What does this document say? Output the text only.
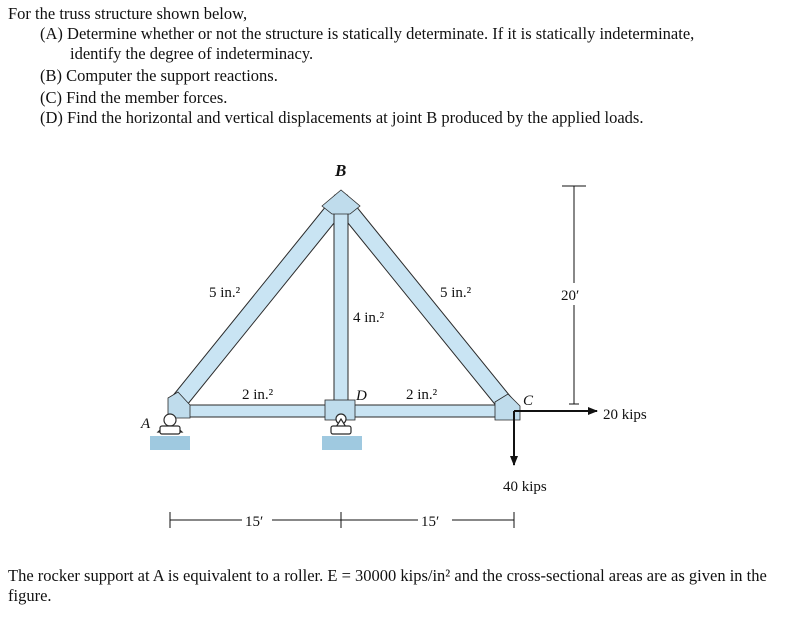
For the truss structure shown below,
(A) Determine whether or not the structure is statically determinate. If it is statically indeterminate,
identify the degree of indeterminacy.
(B) Computer the support reactions.
(C) Find the member forces.
(D) Find the horizontal and vertical displacements at joint B produced by the applied loads.
B
A
D	C
5 in.²	5 in.²
4 in.²
2 in.²	2 in.²
20 kips
40 kips
20′
15′	15′
The rocker support at A is equivalent to a roller. E = 30000 kips/in² and the cross-sectional areas are as given in the figure.
